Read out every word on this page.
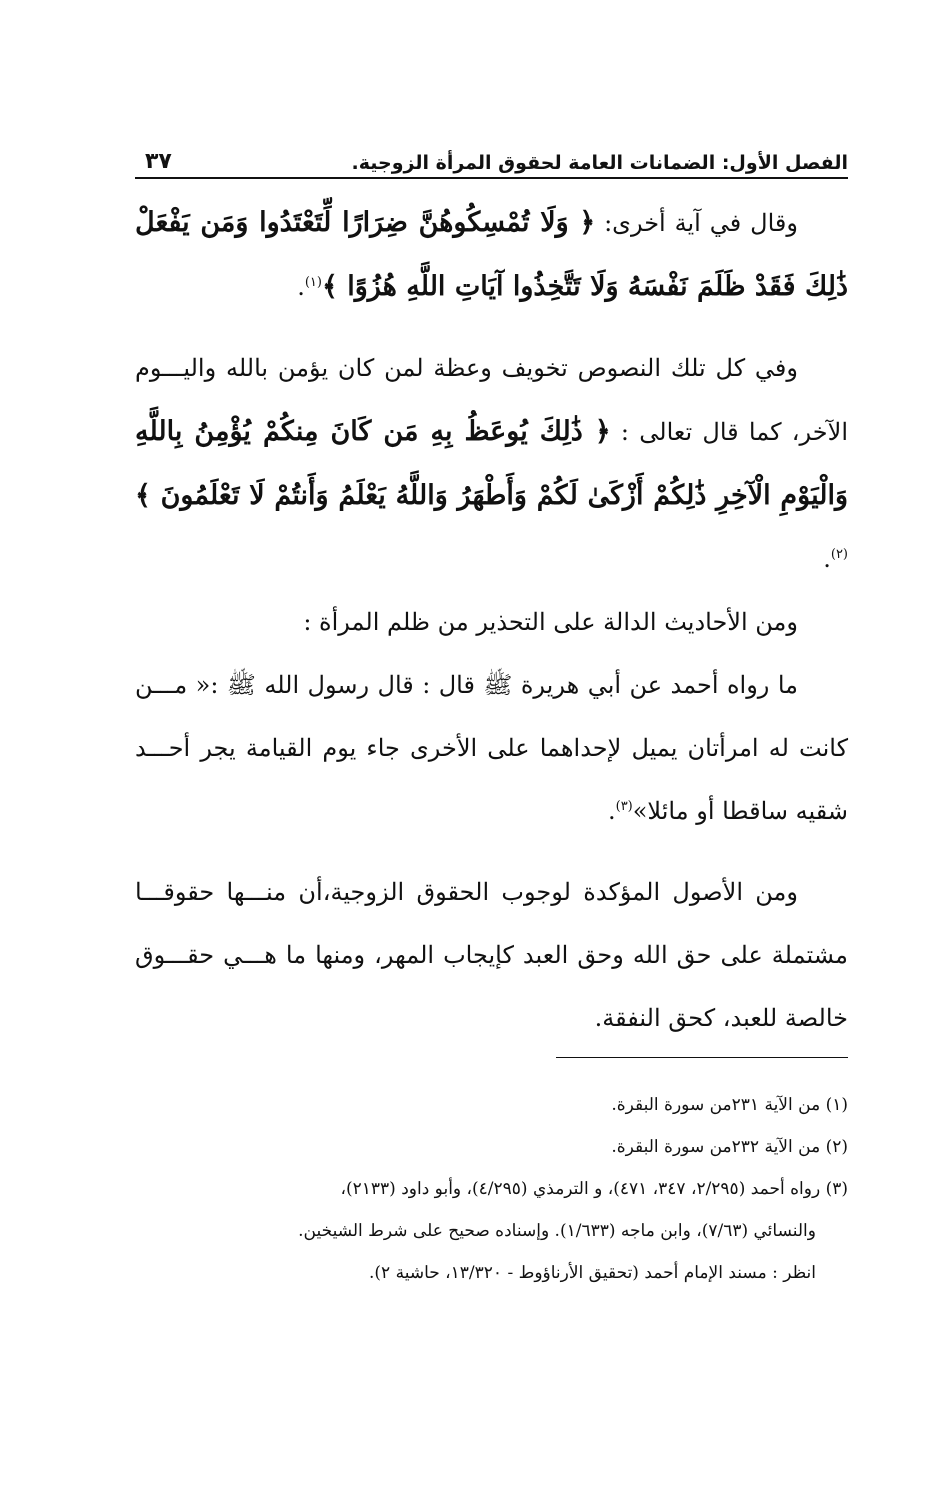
الفصل الأول: الضمانات العامة لحقوق المرأة الزوجية.
٣٧

وقال في آية أخرى: ﴿ وَلَا تُمْسِكُوهُنَّ ضِرَارًا لِّتَعْتَدُوا وَمَن يَفْعَلْ ذَٰلِكَ فَقَدْ ظَلَمَ نَفْسَهُ وَلَا تَتَّخِذُوا آيَاتِ اللَّهِ هُزُوًا ﴾$^{(١)}$.

وفي كل تلك النصوص تخويف وعظة لمن كان يؤمن بالله واليـــوم الآخر، كما قال تعالى : ﴿ ذَٰلِكَ يُوعَظُ بِهِ مَن كَانَ مِنكُمْ يُؤْمِنُ بِاللَّهِ وَالْيَوْمِ الْآخِرِ ذَٰلِكُمْ أَزْكَىٰ لَكُمْ وَأَطْهَرُ وَاللَّهُ يَعْلَمُ وَأَنتُمْ لَا تَعْلَمُونَ ﴾$^{(٢)}$.

ومن الأحاديث الدالة على التحذير من ظلم المرأة :

ما رواه أحمد عن أبي هريرة ﷺ قال : قال رسول الله ﷺ :« مـــن كانت له امرأتان يميل لإحداهما على الأخرى جاء يوم القيامة يجر أحـــد شقيه ساقطا أو مائلا»$^{(٣)}$.

ومن الأصول المؤكدة لوجوب الحقوق الزوجية،أن منـــها حقوقـــا مشتملة على حق الله وحق العبد كإيجاب المهر، ومنها ما هـــي حقـــوق خالصة للعبد، كحق النفقة.

(١) من الآية ٢٣١من سورة البقرة.

(٢) من الآية ٢٣٢من سورة البقرة.

(٣) رواه أحمد (٢/٢٩٥، ٣٤٧، ٤٧١)، و الترمذي (٤/٢٩٥)، وأبو داود (٢١٣٣)،

والنسائي (٧/٦٣)، وابن ماجه (١/٦٣٣). وإسناده صحيح على شرط الشيخين.

انظر : مسند الإمام أحمد (تحقيق الأرناؤوط - ١٣/٣٢٠، حاشية ٢).
